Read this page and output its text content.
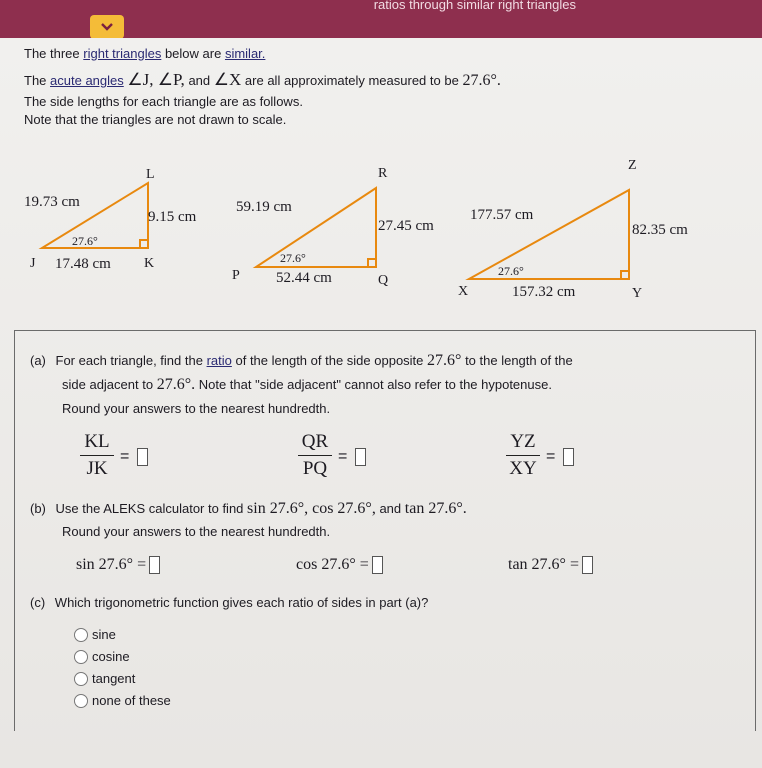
ratios through similar right triangles
The three right triangles below are similar.
The acute angles ∠J, ∠P, and ∠X are all approximately measured to be 27.6°.
The side lengths for each triangle are as follows.
Note that the triangles are not drawn to scale.
L
J	K
19.73 cm
9.15 cm
17.48 cm
27.6°
R
P	Q
59.19 cm
27.45 cm
52.44 cm
27.6°
Z
X	Y
177.57 cm
82.35 cm
157.32 cm
27.6°
(a) For each triangle, find the ratio of the length of the side opposite 27.6° to the length of the
side adjacent to 27.6°. Note that "side adjacent" cannot also refer to the hypotenuse.
Round your answers to the nearest hundredth.
KL
JK
=
QR
PQ
=
YZ
XY
=
(b) Use the ALEKS calculator to find sin 27.6°, cos 27.6°, and tan 27.6°.
Round your answers to the nearest hundredth.
sin 27.6° =	cos 27.6° =	tan 27.6° =
(c) Which trigonometric function gives each ratio of sides in part (a)?
sine
cosine
tangent
none of these
